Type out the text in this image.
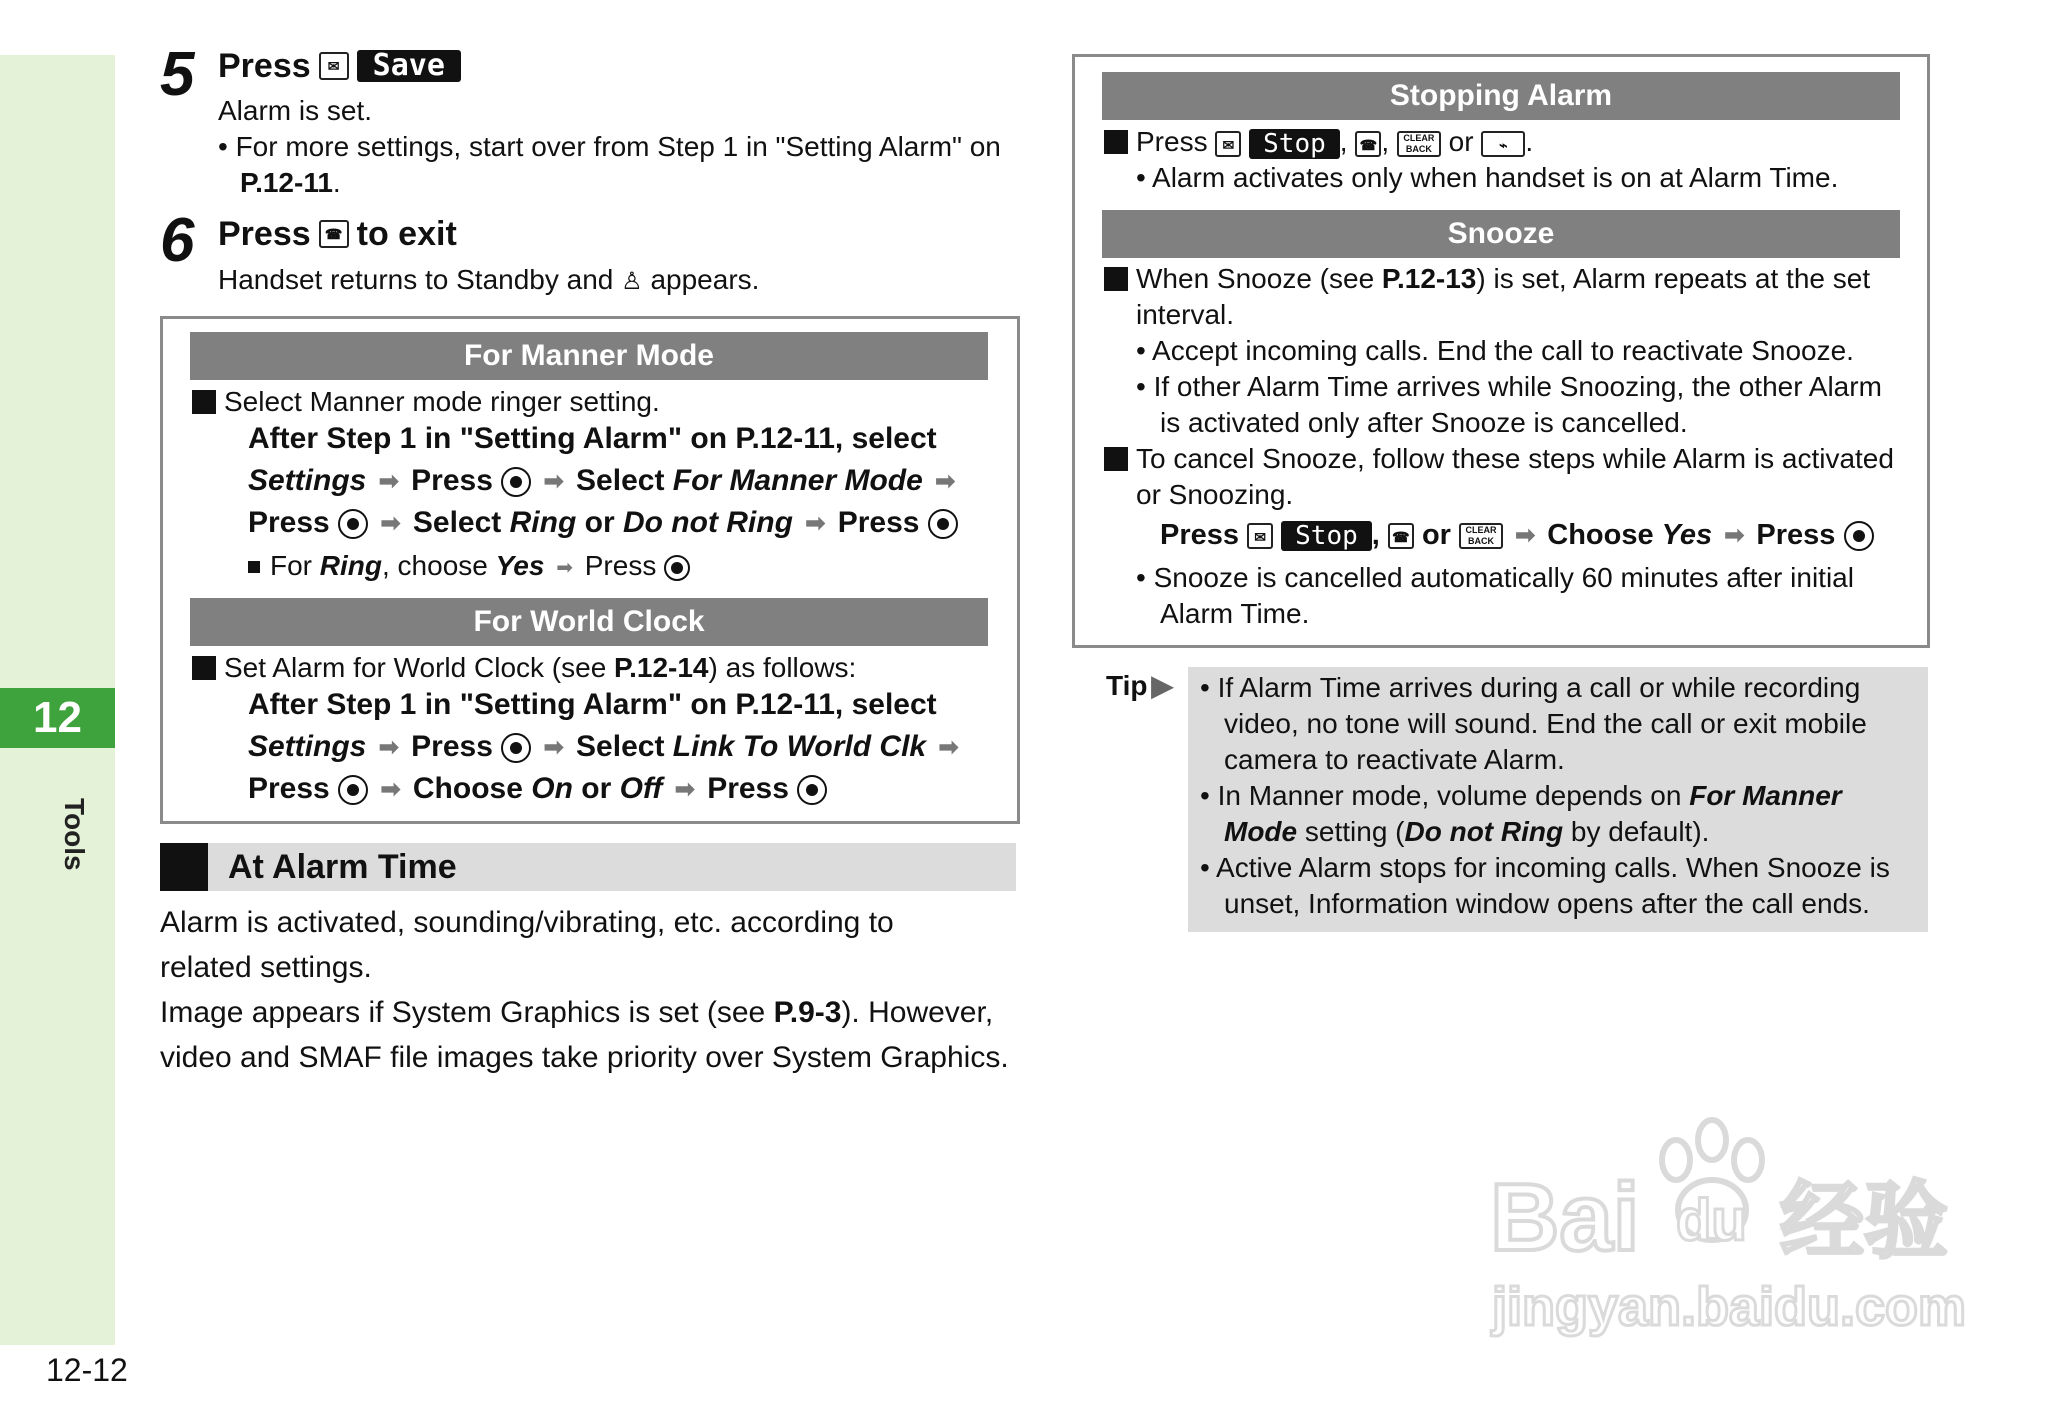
12
Tools
12-12
5 Press	✉	Save
Alarm is set.
• For more settings, start over from Step 1 in "Setting Alarm" on
P.12-11.
6 Press	☎ to exit
Handset returns to Standby and ♙ appears.
For Manner Mode
Select Manner mode ringer setting.
After Step 1 in "Setting Alarm" on P.12-11, select
Settings ➡ Press ➡ Select For Manner Mode ➡
Press ➡ Select Ring or Do not Ring ➡ Press
For Ring, choose Yes ➡ Press
For World Clock
Set Alarm for World Clock (see P.12-14) as follows:
After Step 1 in "Setting Alarm" on P.12-11, select
Settings ➡ Press ➡ Select Link To World Clk ➡
Press ➡ Choose On or Off ➡ Press
At Alarm Time
Alarm is activated, sounding/vibrating, etc. according to
related settings.
Image appears if System Graphics is set (see P.9-3). However,
video and SMAF file images take priority over System Graphics.
Stopping Alarm
Press	✉ Stop , ☎ ,	CLEAR
BACK or	⌁ .
• Alarm activates only when handset is on at Alarm Time.
Snooze
When Snooze (see P.12-13) is set, Alarm repeats at the set
interval.
• Accept incoming calls. End the call to reactivate Snooze.
• If other Alarm Time arrives while Snoozing, the other Alarm
is activated only after Snooze is cancelled.
To cancel Snooze, follow these steps while Alarm is activated
or Snoozing.
Press	✉ Stop , ☎ or	CLEAR
BACK ➡ Choose Yes ➡ Press
• Snooze is cancelled automatically 60 minutes after initial
Alarm Time.
Tip ▶ • If Alarm Time arrives during a call or while recording
video, no tone will sound. End the call or exit mobile
camera to reactivate Alarm.
• In Manner mode, volume depends on For Manner
Mode setting (Do not Ring by default).
• Active Alarm stops for incoming calls. When Snooze is
unset, Information window opens after the call ends.
Bai du 经验
jingyan.baidu.com
